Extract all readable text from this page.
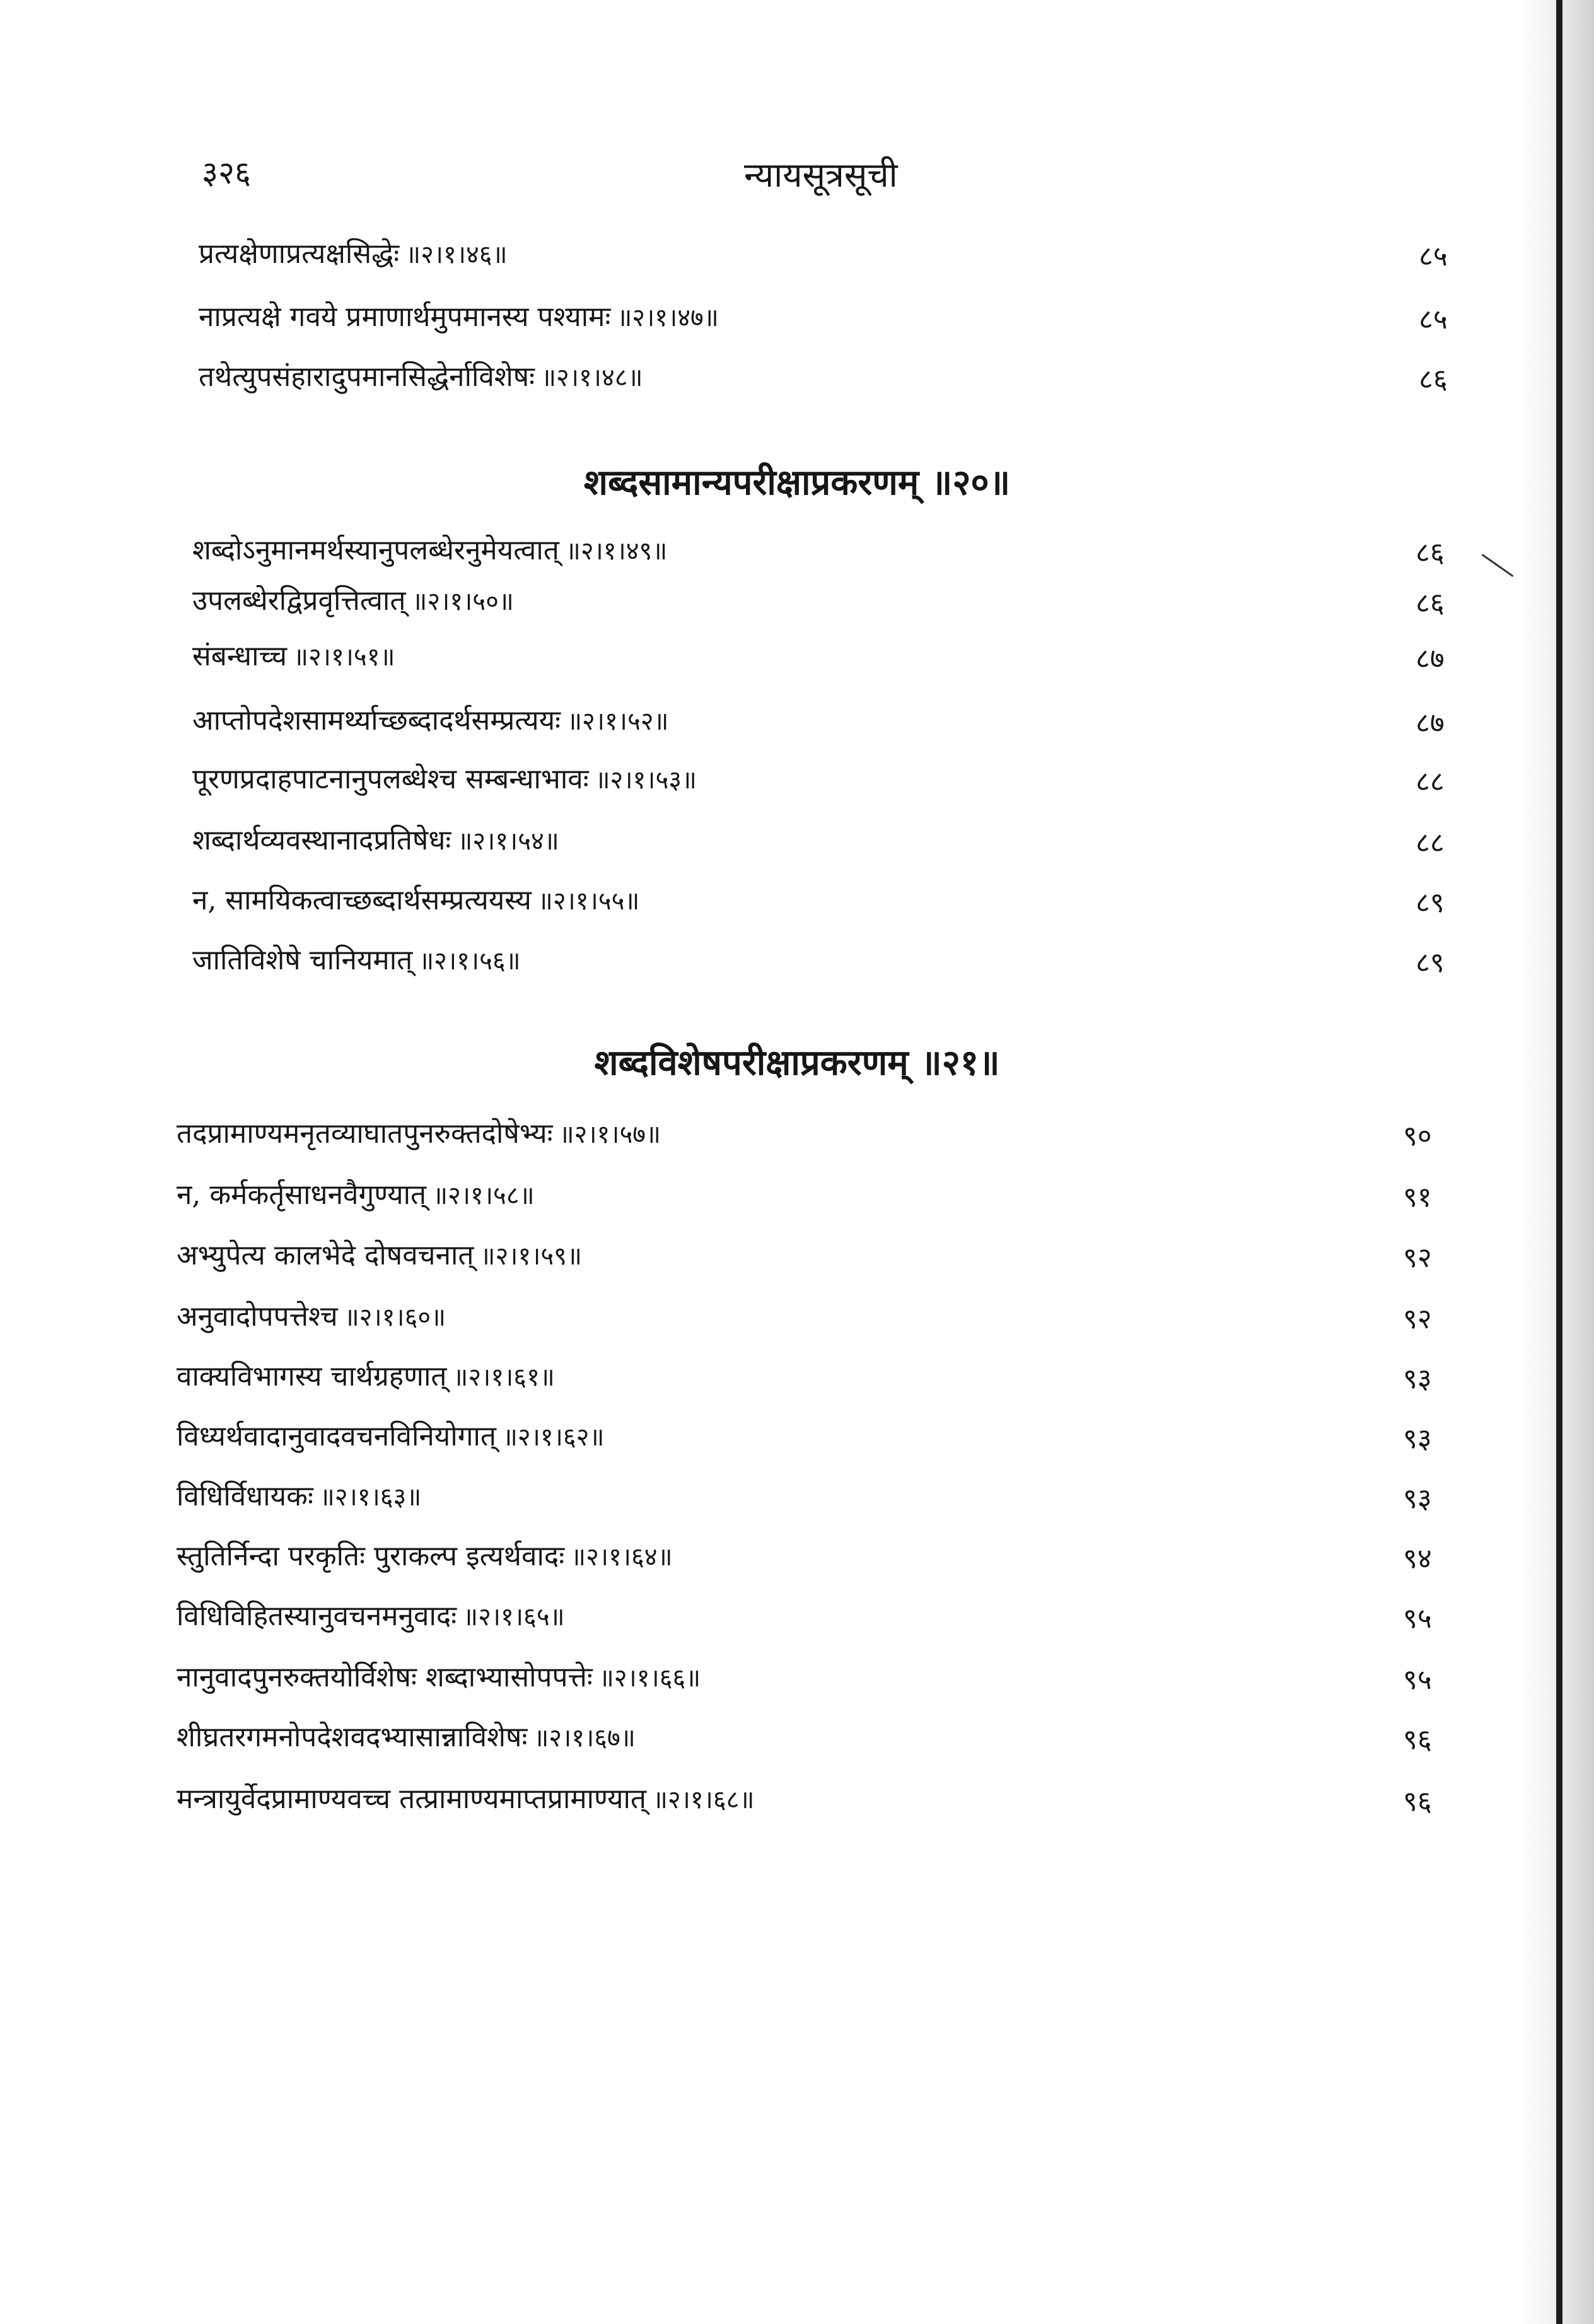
३२६	न्यायसूत्रसूची
प्रत्यक्षेणाप्रत्यक्षसिद्धेः ॥२।१।४६॥	८५
नाप्रत्यक्षे गवये प्रमाणार्थमुपमानस्य पश्यामः ॥२।१।४७॥	८५
तथेत्युपसंहारादुपमानसिद्धेर्नाविशेषः ॥२।१।४८॥	८६
शब्दसामान्यपरीक्षाप्रकरणम् ॥२०॥
शब्दोऽनुमानमर्थस्यानुपलब्धेरनुमेयत्वात् ॥२।१।४९॥	८६
उपलब्धेरद्विप्रवृत्तित्वात् ॥२।१।५०॥	८६
संबन्धाच्च ॥२।१।५१॥	८७
आप्तोपदेशसामर्थ्याच्छब्दादर्थसम्प्रत्ययः ॥२।१।५२॥	८७
पूरणप्रदाहपाटनानुपलब्धेश्च सम्बन्धाभावः ॥२।१।५३॥	८८
शब्दार्थव्यवस्थानादप्रतिषेधः ॥२।१।५४॥	८८
न, सामयिकत्वाच्छब्दार्थसम्प्रत्ययस्य ॥२।१।५५॥	८९
जातिविशेषे चानियमात् ॥२।१।५६॥	८९
शब्दविशेषपरीक्षाप्रकरणम् ॥२१॥
तदप्रामाण्यमनृतव्याघातपुनरुक्तदोषेभ्यः ॥२।१।५७॥	९०
न, कर्मकर्तृसाधनवैगुण्यात् ॥२।१।५८॥	९१
अभ्युपेत्य कालभेदे दोषवचनात् ॥२।१।५९॥	९२
अनुवादोपपत्तेश्च ॥२।१।६०॥	९२
वाक्यविभागस्य चार्थग्रहणात् ॥२।१।६१॥	९३
विध्यर्थवादानुवादवचनविनियोगात् ॥२।१।६२॥	९३
विधिर्विधायकः ॥२।१।६३॥	९३
स्तुतिर्निन्दा परकृतिः पुराकल्प इत्यर्थवादः ॥२।१।६४॥	९४
विधिविहितस्यानुवचनमनुवादः ॥२।१।६५॥	९५
नानुवादपुनरुक्तयोर्विशेषः शब्दाभ्यासोपपत्तेः ॥२।१।६६॥	९५
शीघ्रतरगमनोपदेशवदभ्यासान्नाविशेषः ॥२।१।६७॥	९६
मन्त्रायुर्वेदप्रामाण्यवच्च तत्प्रामाण्यमाप्तप्रामाण्यात् ॥२।१।६८॥	९६
